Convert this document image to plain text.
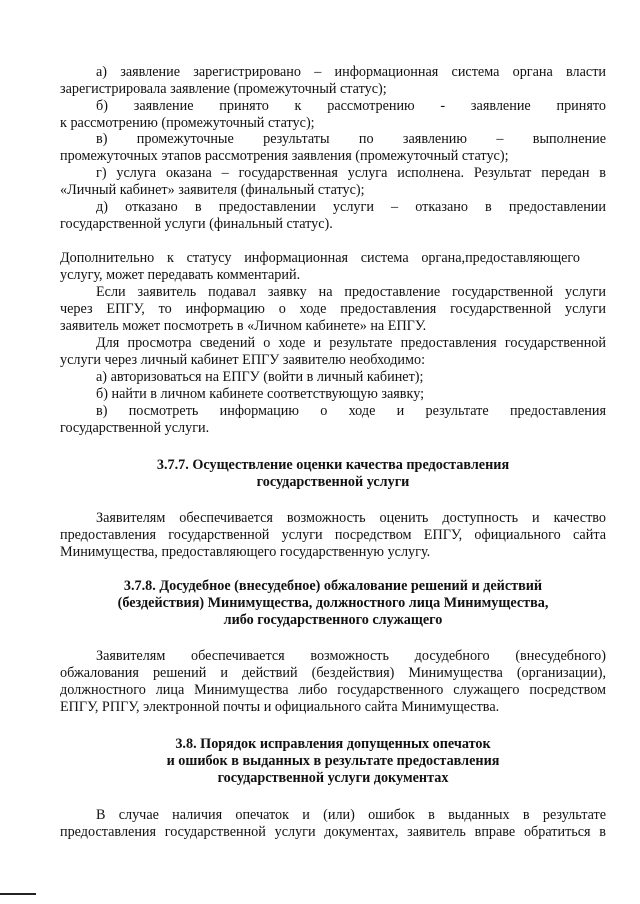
а) заявление зарегистрировано – информационная система органа власти
зарегистрировала заявление (промежуточный статус);
б) заявление принято к рассмотрению - заявление принято
к рассмотрению (промежуточный статус);
в) промежуточные результаты по заявлению – выполнение
промежуточных этапов рассмотрения заявления (промежуточный статус);
г) услуга оказана – государственная услуга исполнена. Результат передан в
«Личный кабинет» заявителя (финальный статус);
д) отказано в предоставлении услуги – отказано в предоставлении
государственной услуги (финальный статус).
Дополнительно к статусу информационная система органа,предоставляющего
услугу, может передавать комментарий.
Если заявитель подавал заявку на предоставление государственной услуги
через ЕПГУ, то информацию о ходе предоставления государственной услуги
заявитель может посмотреть в «Личном кабинете» на ЕПГУ.
Для просмотра сведений о ходе и результате предоставления государственной
услуги через личный кабинет ЕПГУ заявителю необходимо:
а) авторизоваться на ЕПГУ (войти в личный кабинет);
б) найти в личном кабинете соответствующую заявку;
в) посмотреть информацию о ходе и результате предоставления
государственной услуги.
3.7.7. Осуществление оценки качества предоставления
государственной услуги
Заявителям обеспечивается возможность оценить доступность и качество
предоставления государственной услуги посредством ЕПГУ, официального сайта
Минимущества, предоставляющего государственную услугу.
3.7.8. Досудебное (внесудебное) обжалование решений и действий
(бездействия) Минимущества, должностного лица Минимущества,
либо государственного служащего
Заявителям обеспечивается возможность досудебного (внесудебного)
обжалования решений и действий (бездействия) Минимущества (организации),
должностного лица Минимущества либо государственного служащего посредством
ЕПГУ, РПГУ, электронной почты и официального сайта Минимущества.
3.8. Порядок исправления допущенных опечаток
и ошибок в выданных в результате предоставления
государственной услуги документах
В случае наличия опечаток и (или) ошибок в выданных в результате
предоставления государственной услуги документах, заявитель вправе обратиться в
